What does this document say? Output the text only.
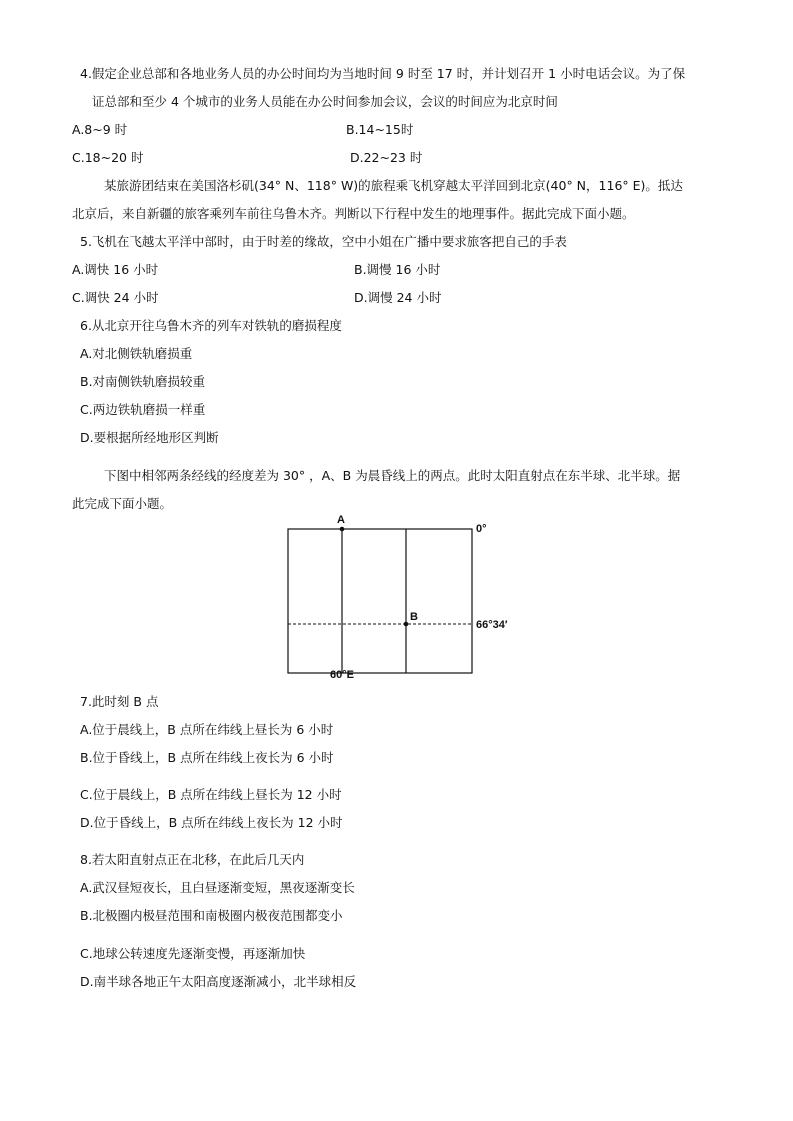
4.假定企业总部和各地业务人员的办公时间均为当地时间 9 时至 17 时，并计划召开 1 小时电话会议。为了保
证总部和至少 4 个城市的业务人员能在办公时间参加会议，会议的时间应为北京时间
A.8~9 时	B.14~15时
C.18~20 时	D.22~23 时
某旅游团结束在美国洛杉矶(34° N、118° W)的旅程乘飞机穿越太平洋回到北京(40° N，116° E)。抵达
北京后，来自新疆的旅客乘列车前往乌鲁木齐。判断以下行程中发生的地理事件。据此完成下面小题。
5.飞机在飞越太平洋中部时，由于时差的缘故，空中小姐在广播中要求旅客把自己的手表
A.调快 16 小时	B.调慢 16 小时
C.调快 24 小时	D.调慢 24 小时
6.从北京开往乌鲁木齐的列车对铁轨的磨损程度
A.对北侧铁轨磨损重
B.对南侧铁轨磨损较重
C.两边铁轨磨损一样重
D.要根据所经地形区判断
下图中相邻两条经线的经度差为 30° ，A、B 为晨昏线上的两点。此时太阳直射点在东半球、北半球。据
此完成下面小题。
A
B
0°
66°34′
60°E
7.此时刻 B 点
A.位于晨线上，B 点所在纬线上昼长为 6 小时
B.位于昏线上，B 点所在纬线上夜长为 6 小时
C.位于晨线上，B 点所在纬线上昼长为 12 小时
D.位于昏线上，B 点所在纬线上夜长为 12 小时
8.若太阳直射点正在北移，在此后几天内
A.武汉昼短夜长，且白昼逐渐变短，黑夜逐渐变长
B.北极圈内极昼范围和南极圈内极夜范围都变小
C.地球公转速度先逐渐变慢，再逐渐加快
D.南半球各地正午太阳高度逐渐减小，北半球相反
